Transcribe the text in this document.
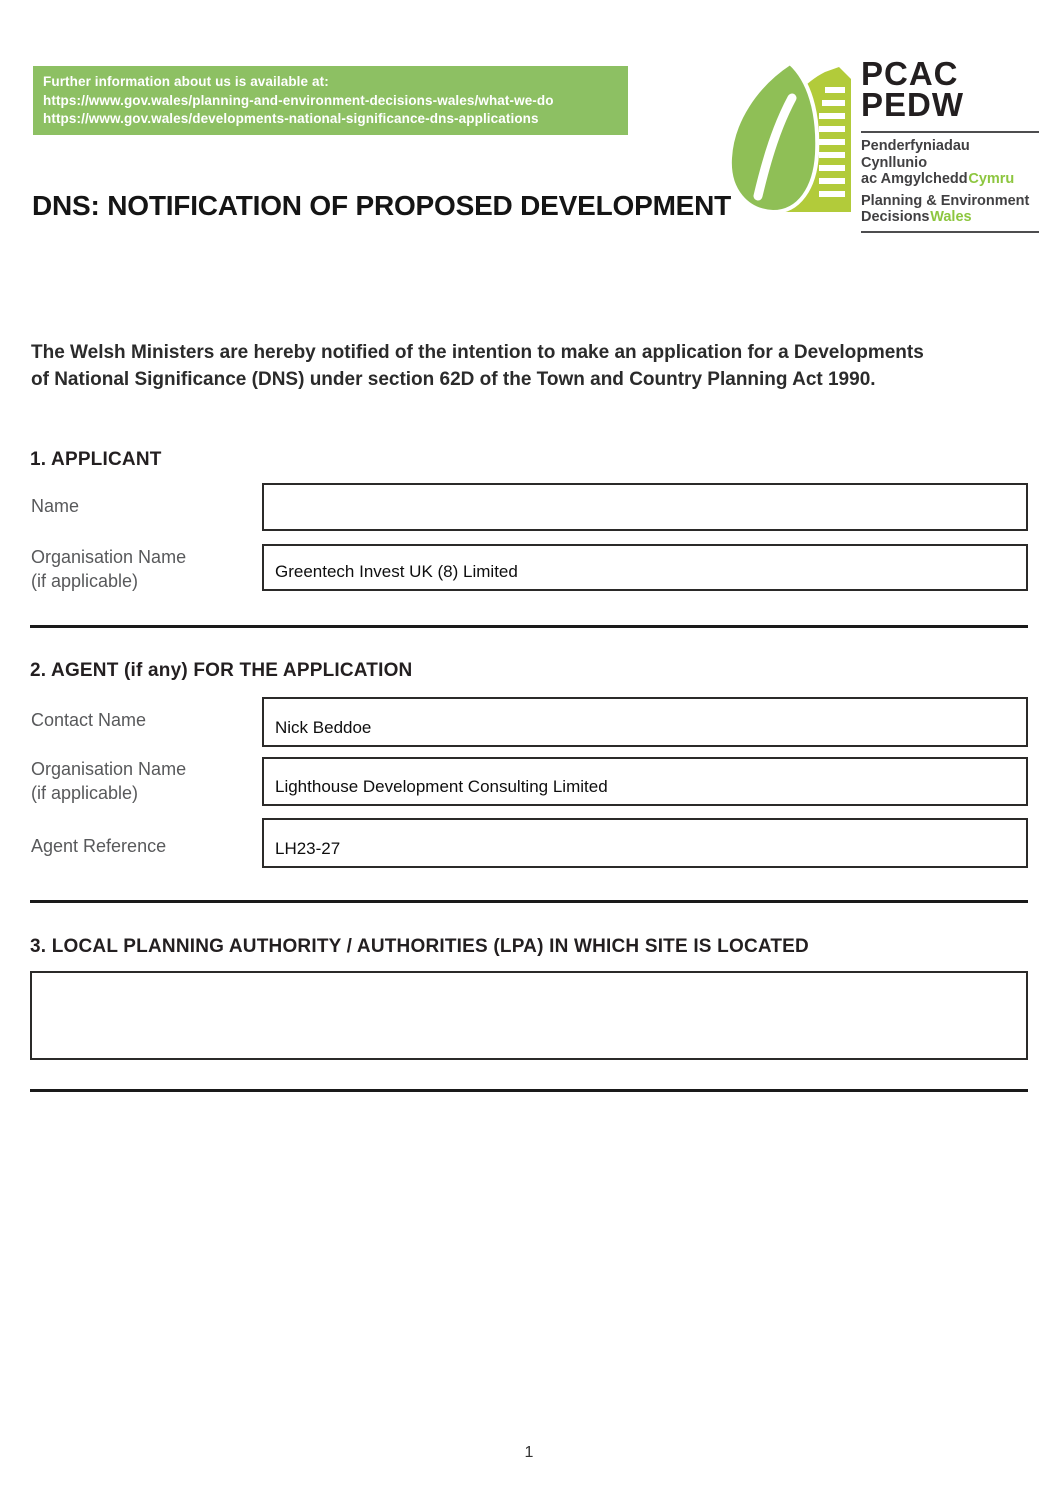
Further information about us is available at:
https://www.gov.wales/planning-and-environment-decisions-wales/what-we-do
https://www.gov.wales/developments-national-significance-dns-applications
PCAC
PEDW
Penderfyniadau Cynllunio
ac AmgylcheddCymru
Planning & Environment
DecisionsWales
DNS: NOTIFICATION OF PROPOSED DEVELOPMENT
The Welsh Ministers are hereby notified of the intention to make an application for a Developments
of National Significance (DNS) under section 62D of the Town and Country Planning Act 1990.
1. APPLICANT
Name
Organisation Name
(if applicable)	Greentech Invest UK (8) Limited
2. AGENT (if any) FOR THE APPLICATION
Contact Name	Nick Beddoe
Organisation Name
(if applicable)	Lighthouse Development Consulting Limited
Agent Reference	LH23-27
3. LOCAL PLANNING AUTHORITY / AUTHORITIES (LPA) IN WHICH SITE IS LOCATED
1
